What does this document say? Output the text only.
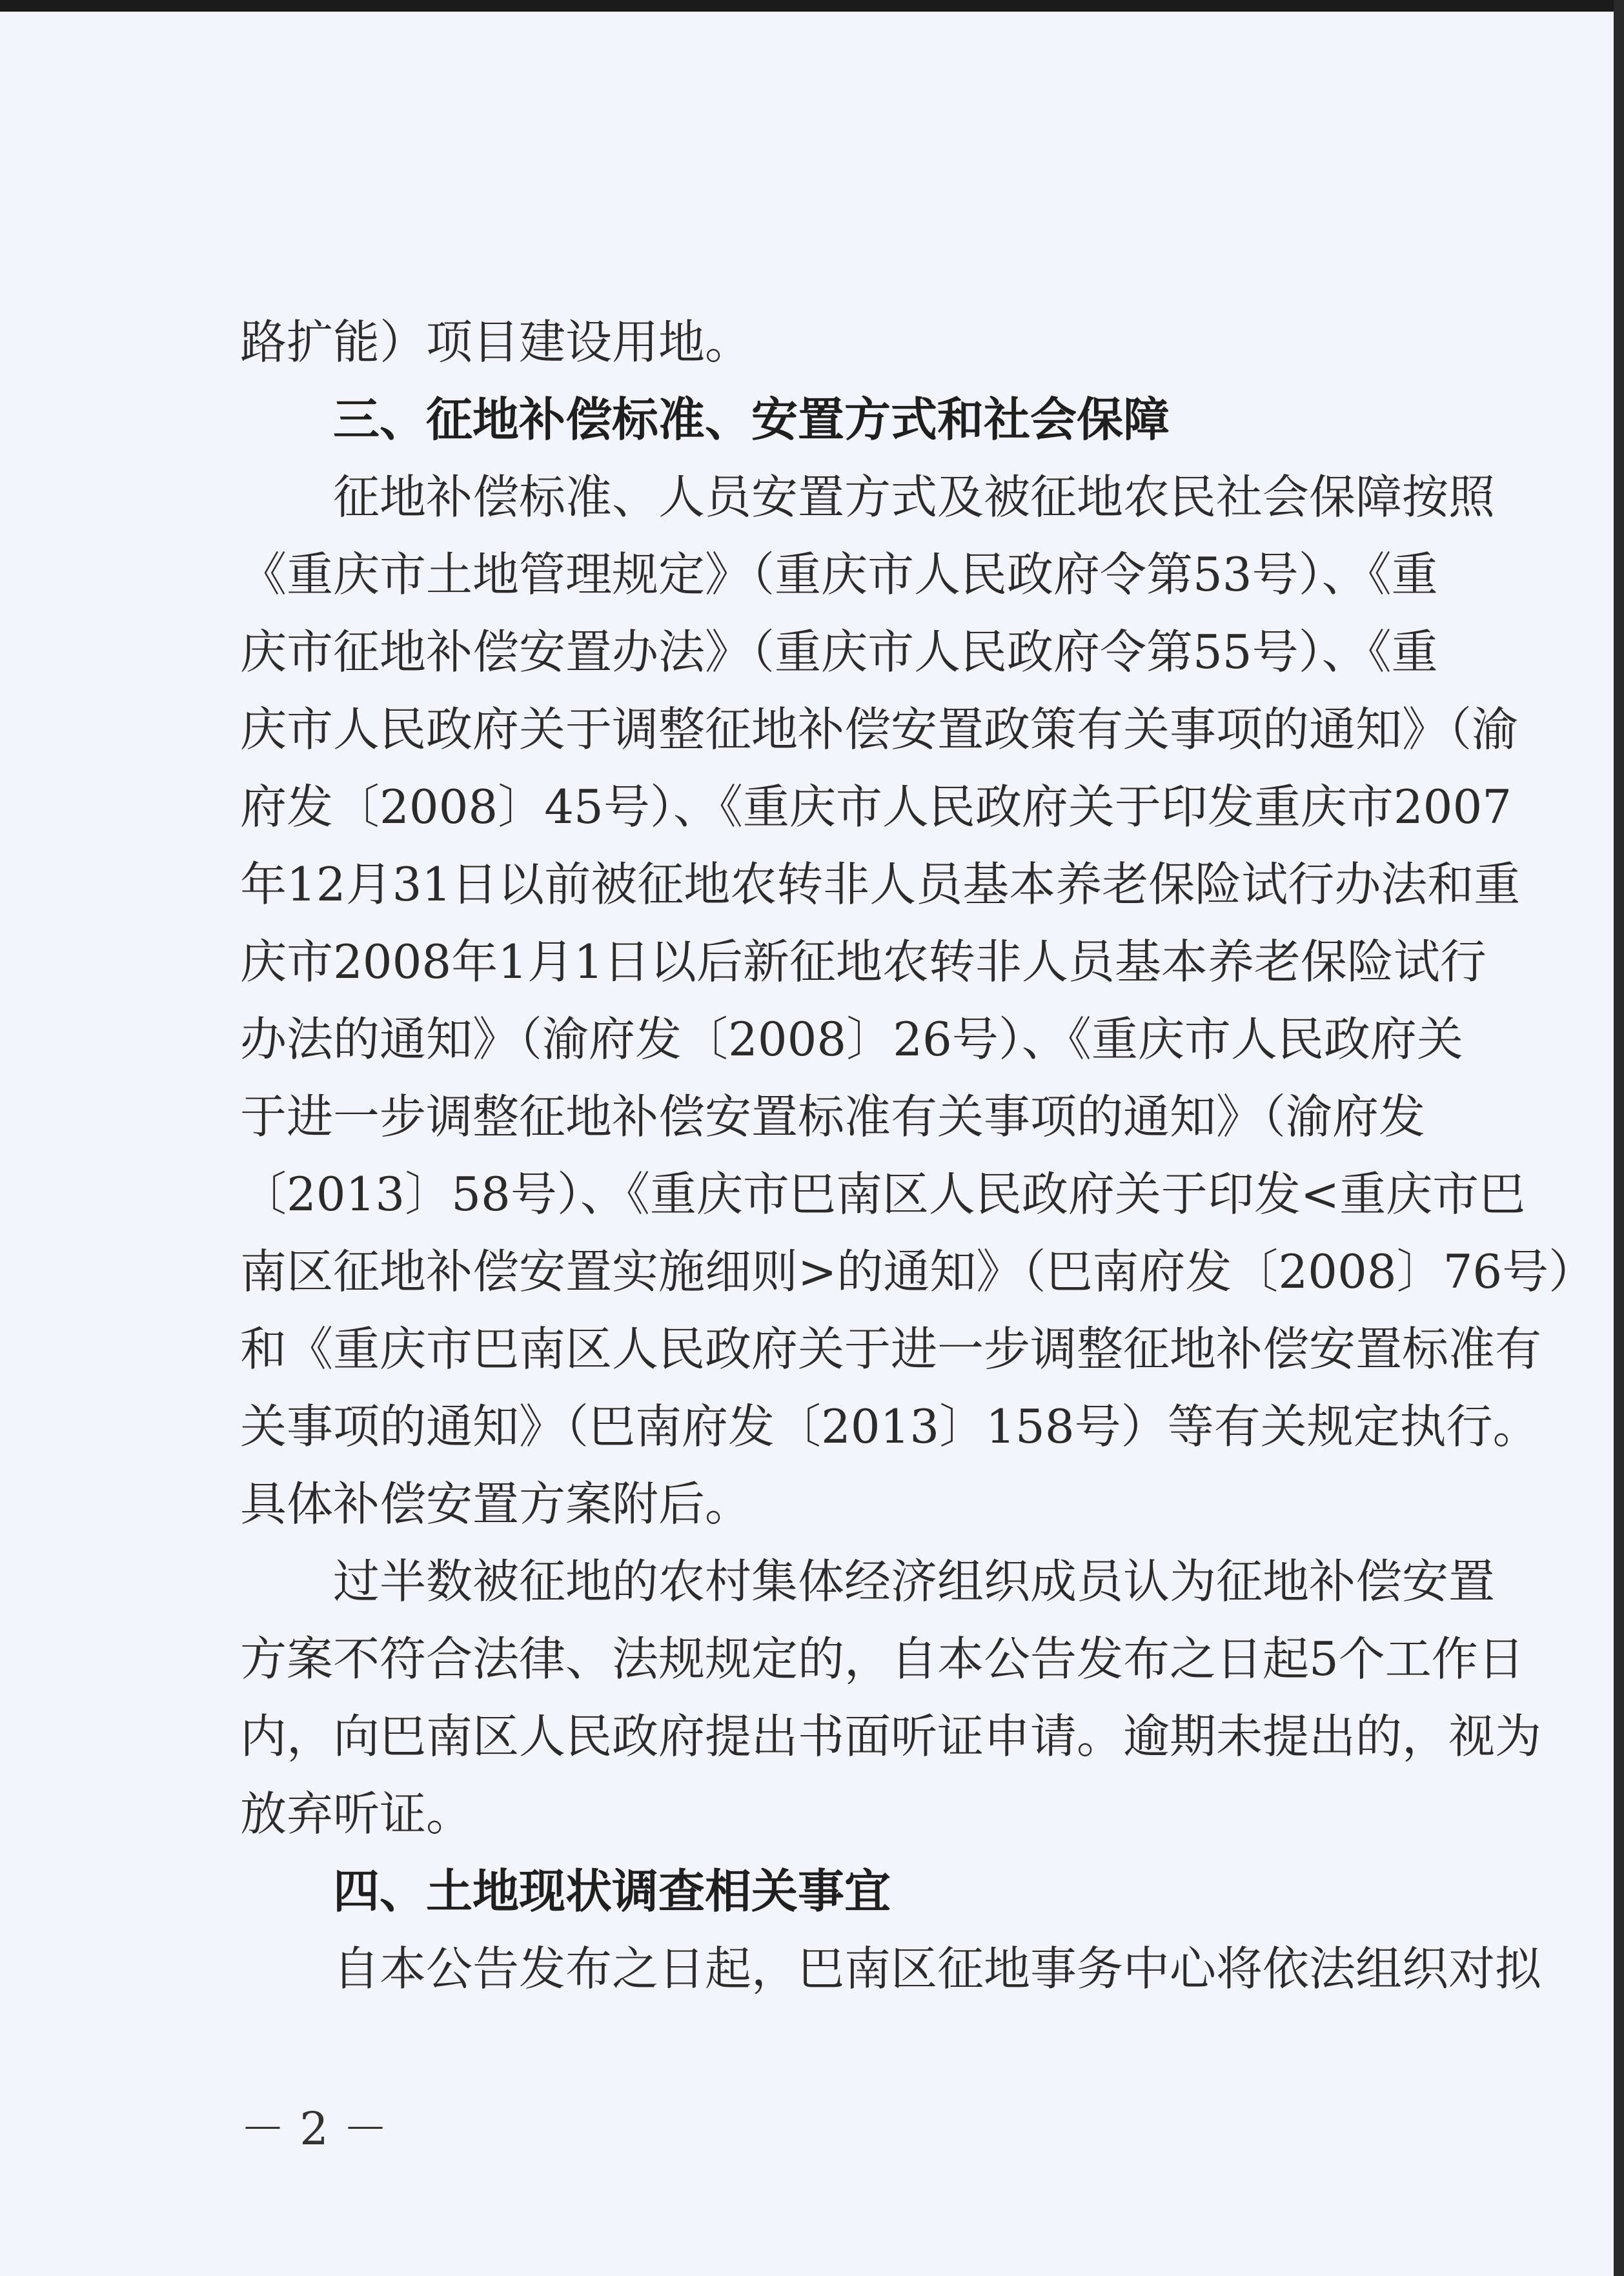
路扩能）项目建设用地。

三、征地补偿标准、安置方式和社会保障

征地补偿标准、人员安置方式及被征地农民社会保障按照

《重庆市土地管理规定》（重庆市人民政府令第53号）、《重

庆市征地补偿安置办法》（重庆市人民政府令第55号）、《重

庆市人民政府关于调整征地补偿安置政策有关事项的通知》（渝

府发〔2008〕45号）、《重庆市人民政府关于印发重庆市2007

年12月31日以前被征地农转非人员基本养老保险试行办法和重

庆市2008年1月1日以后新征地农转非人员基本养老保险试行

办法的通知》（渝府发〔2008〕26号）、《重庆市人民政府关

于进一步调整征地补偿安置标准有关事项的通知》（渝府发

〔2013〕58号）、《重庆市巴南区人民政府关于印发<重庆市巴

南区征地补偿安置实施细则>的通知》（巴南府发〔2008〕76号）

和《重庆市巴南区人民政府关于进一步调整征地补偿安置标准有

关事项的通知》（巴南府发〔2013〕158号）等有关规定执行。

具体补偿安置方案附后。

过半数被征地的农村集体经济组织成员认为征地补偿安置

方案不符合法律、法规规定的，自本公告发布之日起5个工作日

内，向巴南区人民政府提出书面听证申请。逾期未提出的，视为

放弃听证。

四、土地现状调查相关事宜

自本公告发布之日起，巴南区征地事务中心将依法组织对拟

－ 2 －
